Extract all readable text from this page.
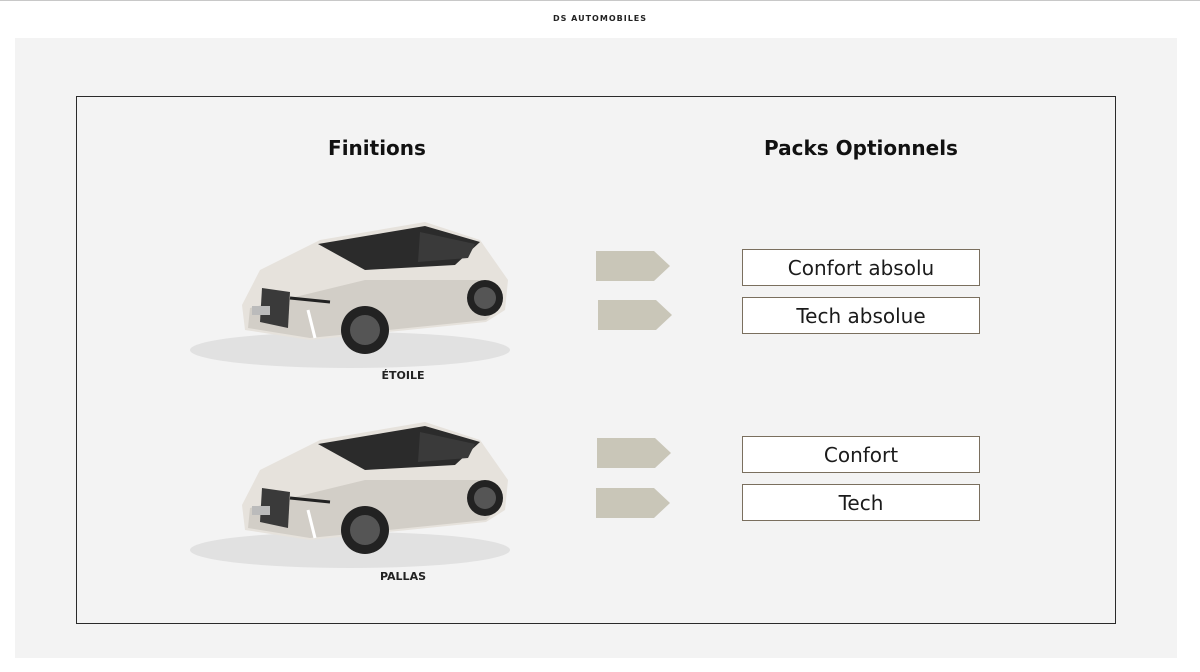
DS AUTOMOBILES
Finitions	Packs Optionnels
ÉTOILE
PALLAS
Confort absolu
Tech absolue
Confort
Tech
